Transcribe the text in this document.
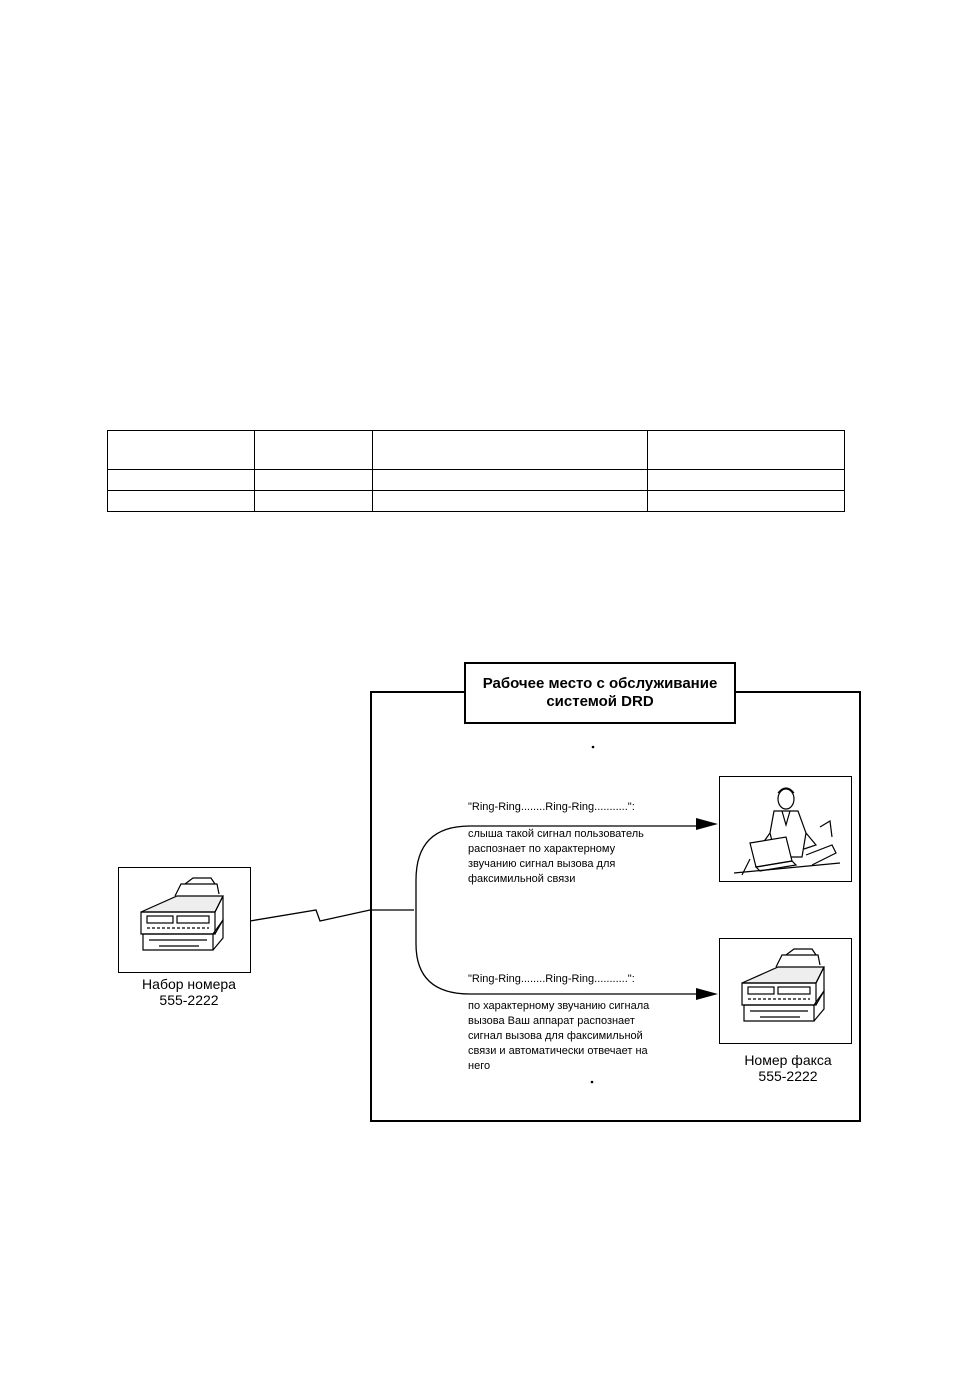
Рабочее место с обслуживание
системой DRD
Набор номера
555-2222
"Ring-Ring........Ring-Ring...........":
слыша такой сигнал пользователь
распознает по характерному
звучанию сигнал вызова для
факсимильной связи
"Ring-Ring........Ring-Ring...........":
по характерному звучанию сигнала
вызова Ваш аппарат распознает
сигнал вызова для факсимильной
связи и автоматически отвечает на
него	Номер факса
555-2222
